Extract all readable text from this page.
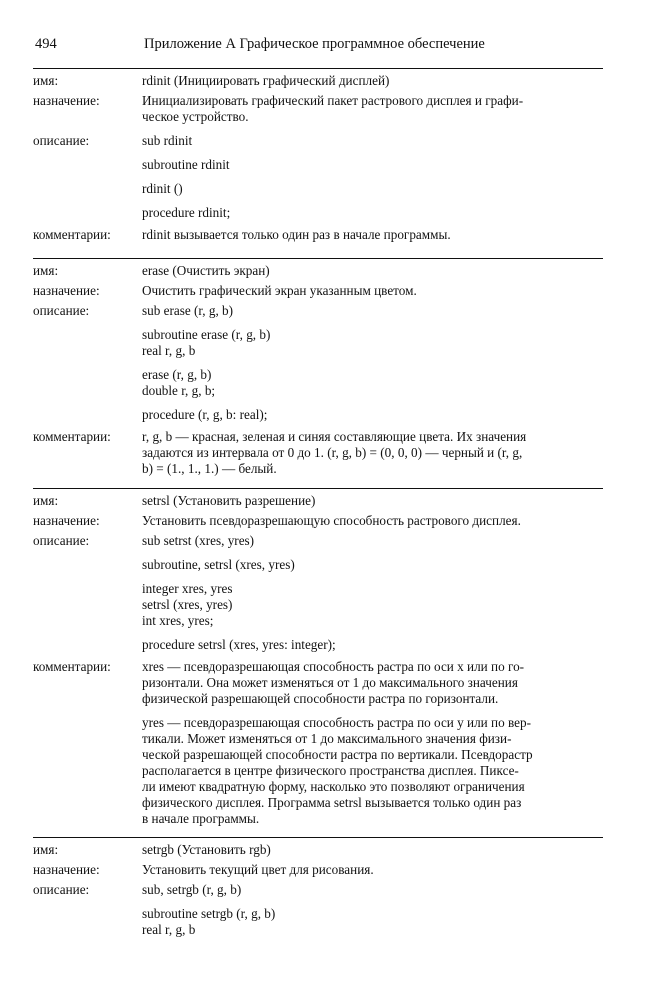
494	Приложение А Графическое программное обеспечение
имя:	rdinit (Инициировать графический дисплей)
назначение:	Инициализировать графический пакет растрового дисплея и графи-
ческое устройство.
описание:	sub rdinit
subroutine rdinit
rdinit ()
procedure rdinit;
комментарии:	rdinit вызывается только один раз в начале программы.
имя:	erase (Очистить экран)
назначение:	Очистить графический экран указанным цветом.
описание:	sub erase (r, g, b)
subroutine erase (r, g, b)
real r, g, b
erase (r, g, b)
double r, g, b;
procedure (r, g, b: real);
комментарии:	r, g, b — красная, зеленая и синяя составляющие цвета. Их значения
задаются из интервала от 0 до 1. (r, g, b) = (0, 0, 0) — черный и (r, g,
b) = (1., 1., 1.) — белый.
имя:	setrsl (Установить разрешение)
назначение:	Установить псевдоразрешающую способность растрового дисплея.
описание:	sub setrst (xres, yres)
subroutine, setrsl (xres, yres)
integer xres, yres
setrsl (xres, yres)
int xres, yres;
procedure setrsl (xres, yres: integer);
комментарии:	xres — псевдоразрешающая способность растра по оси x или по го-
ризонтали. Она может изменяться от 1 до максимального значения
физической разрешающей способности растра по горизонтали.

yres — псевдоразрешающая способность растра по оси y или по вер-
тикали. Может изменяться от 1 до максимального значения физи-
ческой разрешающей способности растра по вертикали. Псевдорастр
располагается в центре физического пространства дисплея. Пиксе-
ли имеют квадратную форму, насколько это позволяют ограничения
физического дисплея. Программа setrsl вызывается только один раз
в начале программы.

имя:	setrgb (Установить rgb)
назначение:	Установить текущий цвет для рисования.
описание:	sub, setrgb (r, g, b)
subroutine setrgb (r, g, b)
real r, g, b
